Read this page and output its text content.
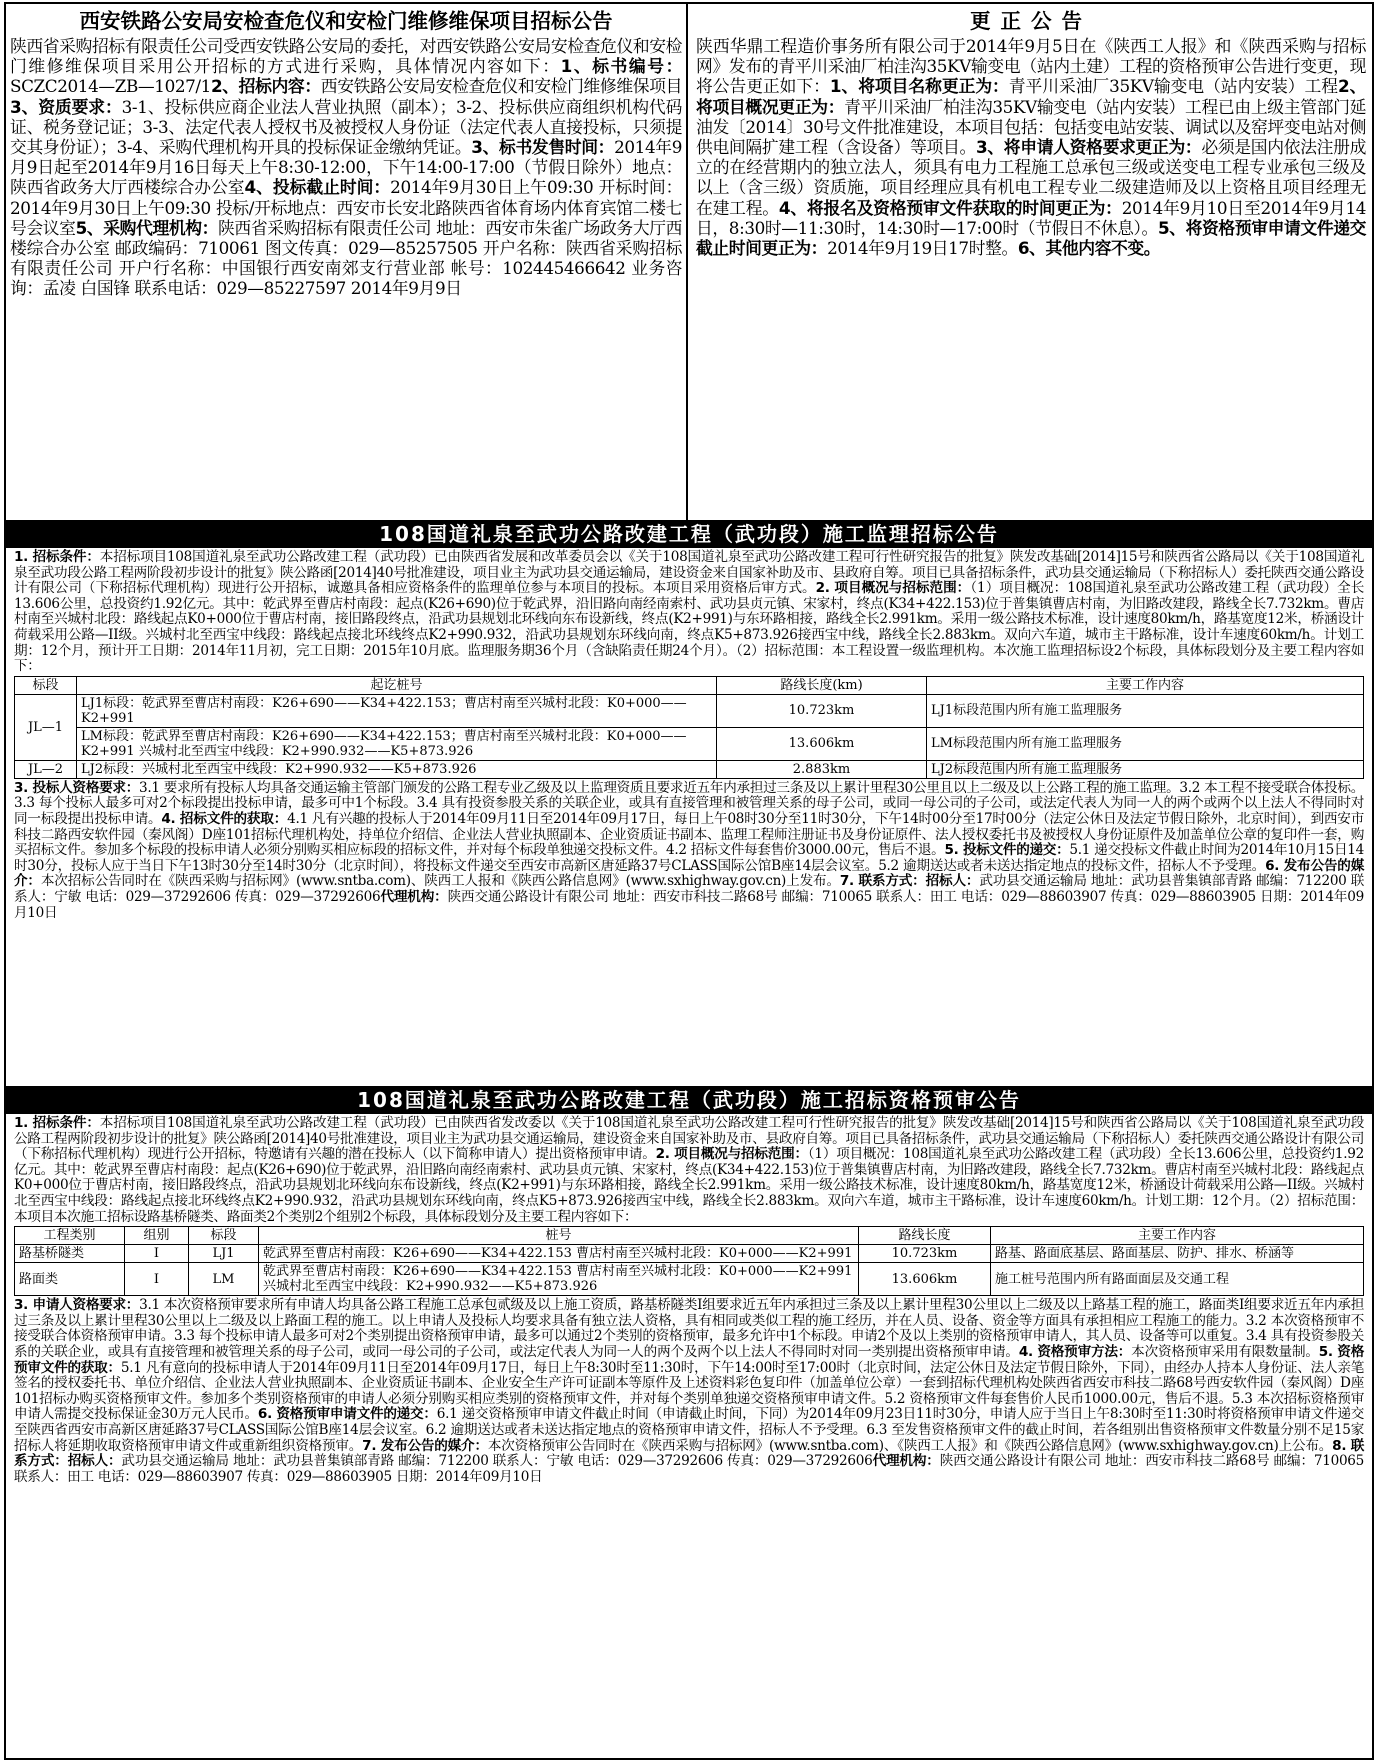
西安铁路公安局安检查危仪和安检门维修维保项目招标公告

陕西省采购招标有限责任公司受西安铁路公安局的委托，对西安铁路公安局安检查危仪和安检门维修维保项目采用公开招标的方式进行采购，具体情况内容如下：1、标书编号：SCZC2014—ZB—1027/12、招标内容：西安铁路公安局安检查危仪和安检门维修维保项目3、资质要求：3-1、投标供应商企业法人营业执照（副本）；3-2、投标供应商组织机构代码证、税务登记证；3-3、法定代表人授权书及被授权人身份证（法定代表人直接投标，只须提交其身份证）；3-4、采购代理机构开具的投标保证金缴纳凭证。3、标书发售时间：2014年9月9日起至2014年9月16日每天上午8:30-12:00，下午14:00-17:00（节假日除外）地点：陕西省政务大厅西楼综合办公室4、投标截止时间：2014年9月30日上午09:30 开标时间：2014年9月30日上午09:30 投标/开标地点：西安市长安北路陕西省体育场内体育宾馆二楼七号会议室5、采购代理机构：陕西省采购招标有限责任公司 地址：西安市朱雀广场政务大厅西楼综合办公室 邮政编码：710061 图文传真：029—85257505 开户名称：陕西省采购招标有限责任公司 开户行名称：中国银行西安南郊支行营业部 帐号：102445466642 业务咨询：孟凌 白国锋 联系电话：029—85227597 2014年9月9日

更正公告

陕西华鼎工程造价事务所有限公司于2014年9月5日在《陕西工人报》和《陕西采购与招标网》发布的青平川采油厂柏洼沟35KV输变电（站内土建）工程的资格预审公告进行变更，现将公告更正如下：1、将项目名称更正为：青平川采油厂35KV输变电（站内安装）工程2、将项目概况更正为：青平川采油厂柏洼沟35KV输变电（站内安装）工程已由上级主管部门延油发〔2014〕30号文件批准建设，本项目包括：包括变电站安装、调试以及窑坪变电站对侧供电间隔扩建工程（含设备）等项目。3、将申请人资格要求更正为：必须是国内依法注册成立的在经营期内的独立法人，须具有电力工程施工总承包三级或送变电工程专业承包三级及以上（含三级）资质施，项目经理应具有机电工程专业二级建造师及以上资格且项目经理无在建工程。4、将报名及资格预审文件获取的时间更正为：2014年9月10日至2014年9月14日，8:30时—11:30时，14:30时—17:00时（节假日不休息）。5、将资格预审申请文件递交截止时间更正为：2014年9月19日17时整。6、其他内容不变。

108国道礼泉至武功公路改建工程（武功段）施工监理招标公告

1. 招标条件：本招标项目108国道礼泉至武功公路改建工程（武功段）已由陕西省发展和改革委员会以《关于108国道礼泉至武功公路改建工程可行性研究报告的批复》陕发改基础[2014]15号和陕西省公路局以《关于108国道礼泉至武功段公路工程两阶段初步设计的批复》陕公路函[2014]40号批准建设，项目业主为武功县交通运输局，建设资金来自国家补助及市、县政府自筹。项目已具备招标条件，武功县交通运输局（下称招标人）委托陕西交通公路设计有限公司（下称招标代理机构）现进行公开招标，诚邀具备相应资格条件的监理单位参与本项目的投标。本项目采用资格后审方式。2. 项目概况与招标范围：（1）项目概况：108国道礼泉至武功公路改建工程（武功段）全长13.606公里，总投资约1.92亿元。其中：乾武界至曹店村南段：起点(K26+690)位于乾武界，沿旧路向南经南索村、武功县贞元镇、宋家村，终点(K34+422.153)位于普集镇曹店村南，为旧路改建段，路线全长7.732km。曹店村南至兴城村北段：路线起点K0+000位于曹店村南，接旧路段终点，沿武功县规划北环线向东布设新线，终点(K2+991)与东环路相接，路线全长2.991km。采用一级公路技术标准，设计速度80km/h，路基宽度12米，桥涵设计荷载采用公路—II级。兴城村北至西宝中线段：路线起点接北环线终点K2+990.932，沿武功县规划东环线向南，终点K5+873.926接西宝中线，路线全长2.883km。双向六车道，城市主干路标准，设计车速度60km/h。计划工期：12个月，预计开工日期：2014年11月初，完工日期：2015年10月底。监理服务期36个月（含缺陷责任期24个月）。（2）招标范围：本工程设置一级监理机构。本次施工监理招标设2个标段，具体标段划分及主要工程内容如下：

标段	起讫桩号	路线长度(km)	主要工作内容
JL—1	LJ1标段：乾武界至曹店村南段：K26+690——K34+422.153；曹店村南至兴城村北段：K0+000——K2+991	10.723km	LJ1标段范围内所有施工监理服务
	LM标段：乾武界至曹店村南段：K26+690——K34+422.153；曹店村南至兴城村北段：K0+000——K2+991 兴城村北至西宝中线段：K2+990.932——K5+873.926	13.606km	LM标段范围内所有施工监理服务
JL—2	LJ2标段：兴城村北至西宝中线段：K2+990.932——K5+873.926	2.883km	LJ2标段范围内所有施工监理服务

3. 投标人资格要求：3.1 要求所有投标人均具备交通运输主管部门颁发的公路工程专业乙级及以上监理资质且要求近五年内承担过三条及以上累计里程30公里且以上二级及以上公路工程的施工监理。3.2 本工程不接受联合体投标。3.3 每个投标人最多可对2个标段提出投标申请，最多可中1个标段。3.4 具有投资参股关系的关联企业，或具有直接管理和被管理关系的母子公司，或同一母公司的子公司，或法定代表人为同一人的两个或两个以上法人不得同时对同一标段提出投标申请。4. 招标文件的获取：4.1 凡有兴趣的投标人于2014年09月11日至2014年09月17日，每日上午08时30分至11时30分，下午14时00分至17时00分（法定公休日及法定节假日除外，北京时间），到西安市科技二路西安软件园（秦风阁）D座101招标代理机构处，持单位介绍信、企业法人营业执照副本、企业资质证书副本、监理工程师注册证书及身份证原件、法人授权委托书及被授权人身份证原件及加盖单位公章的复印件一套，购买招标文件。参加多个标段的投标申请人必须分别购买相应标段的招标文件，并对每个标段单独递交投标文件。4.2 招标文件每套售价3000.00元，售后不退。5. 投标文件的递交：5.1 递交投标文件截止时间为2014年10月15日14时30分，投标人应于当日下午13时30分至14时30分（北京时间），将投标文件递交至西安市高新区唐延路37号CLASS国际公馆B座14层会议室。5.2 逾期送达或者未送达指定地点的投标文件，招标人不予受理。6. 发布公告的媒介：本次招标公告同时在《陕西采购与招标网》(www.sntba.com)、陕西工人报和《陕西公路信息网》(www.sxhighway.gov.cn)上发布。7. 联系方式：招标人：武功县交通运输局 地址：武功县普集镇部青路 邮编：712200 联系人：宁敏 电话：029—37292606 传真：029—37292606代理机构：陕西交通公路设计有限公司 地址：西安市科技二路68号 邮编：710065 联系人：田工 电话：029—88603907 传真：029—88603905 日期：2014年09月10日

108国道礼泉至武功公路改建工程（武功段）施工招标资格预审公告

1. 招标条件：本招标项目108国道礼泉至武功公路改建工程（武功段）已由陕西省发改委以《关于108国道礼泉至武功公路改建工程可行性研究报告的批复》陕发改基础[2014]15号和陕西省公路局以《关于108国道礼泉至武功段公路工程两阶段初步设计的批复》陕公路函[2014]40号批准建设，项目业主为武功县交通运输局，建设资金来自国家补助及市、县政府自筹。项目已具备招标条件，武功县交通运输局（下称招标人）委托陕西交通公路设计有限公司（下称招标代理机构）现进行公开招标，特邀请有兴趣的潜在投标人（以下简称申请人）提出资格预审申请。2. 项目概况与招标范围：（1）项目概况：108国道礼泉至武功公路改建工程（武功段）全长13.606公里，总投资约1.92亿元。其中：乾武界至曹店村南段：起点(K26+690)位于乾武界，沿旧路向南经南索村、武功县贞元镇、宋家村，终点(K34+422.153)位于普集镇曹店村南，为旧路改建段，路线全长7.732km。曹店村南至兴城村北段：路线起点K0+000位于曹店村南，接旧路段终点，沿武功县规划北环线向东布设新线，终点(K2+991)与东环路相接，路线全长2.991km。采用一级公路技术标准，设计速度80km/h，路基宽度12米，桥涵设计荷载采用公路—II级。兴城村北至西宝中线段：路线起点接北环线终点K2+990.932，沿武功县规划东环线向南，终点K5+873.926接西宝中线，路线全长2.883km。双向六车道，城市主干路标准，设计车速度60km/h。计划工期：12个月。（2）招标范围：本项目本次施工招标设路基桥隧类、路面类2个类别2个组别2个标段，具体标段划分及主要工程内容如下：

工程类别	组别	标段	桩号	路线长度	主要工作内容
路基桥隧类	Ⅰ	LJ1	乾武界至曹店村南段：K26+690——K34+422.153 曹店村南至兴城村北段：K0+000——K2+991	10.723km	路基、路面底基层、路面基层、防护、排水、桥涵等
路面类	Ⅰ	LM	乾武界至曹店村南段：K26+690——K34+422.153 曹店村南至兴城村北段：K0+000——K2+991 兴城村北至西宝中线段：K2+990.932——K5+873.926	13.606km	施工桩号范围内所有路面面层及交通工程

3. 申请人资格要求：3.1 本次资格预审要求所有申请人均具备公路工程施工总承包贰级及以上施工资质，路基桥隧类Ⅰ组要求近五年内承担过三条及以上累计里程30公里以上二级及以上路基工程的施工，路面类Ⅰ组要求近五年内承担过三条及以上累计里程30公里以上二级及以上路面工程的施工。以上申请人及投标人均要求具备有独立法人资格，具有相同或类似工程的施工经历，并在人员、设备、资金等方面具有承担相应工程施工的能力。3.2 本次资格预审不接受联合体资格预审申请。3.3 每个投标申请人最多可对2个类别提出资格预审申请，最多可以通过2个类别的资格预审，最多允许中1个标段。申请2个及以上类别的资格预审申请人，其人员、设备等可以重复。3.4 具有投资参股关系的关联企业，或具有直接管理和被管理关系的母子公司，或同一母公司的子公司，或法定代表人为同一人的两个及两个以上法人不得同时对同一类别提出资格预审申请。4. 资格预审方法：本次资格预审采用有限数量制。5. 资格预审文件的获取：5.1 凡有意向的投标申请人于2014年09月11日至2014年09月17日，每日上午8:30时至11:30时，下午14:00时至17:00时（北京时间，法定公休日及法定节假日除外，下同），由经办人持本人身份证、法人亲笔签名的授权委托书、单位介绍信、企业法人营业执照副本、企业资质证书副本、企业安全生产许可证副本等原件及上述资料彩色复印件（加盖单位公章）一套到招标代理机构处陕西省西安市科技二路68号西安软件园（秦风阁）D座101招标办购买资格预审文件。参加多个类别资格预审的申请人必须分别购买相应类别的资格预审文件，并对每个类别单独递交资格预审申请文件。5.2 资格预审文件每套售价人民币1000.00元，售后不退。5.3 本次招标资格预审申请人需提交投标保证金30万元人民币。6. 资格预审申请文件的递交：6.1 递交资格预审申请文件截止时间（申请截止时间，下同）为2014年09月23日11时30分，申请人应于当日上午8:30时至11:30时将资格预审申请文件递交至陕西省西安市高新区唐延路37号CLASS国际公馆B座14层会议室。6.2 逾期送达或者未送达指定地点的资格预审申请文件，招标人不予受理。6.3 至发售资格预审文件的截止时间，若各组别出售资格预审文件数量分别不足15家招标人将延期收取资格预审申请文件或重新组织资格预审。7. 发布公告的媒介：本次资格预审公告同时在《陕西采购与招标网》(www.sntba.com)、《陕西工人报》和《陕西公路信息网》(www.sxhighway.gov.cn)上公布。8. 联系方式：招标人：武功县交通运输局 地址：武功县普集镇部青路 邮编：712200 联系人：宁敏 电话：029—37292606 传真：029—37292606代理机构：陕西交通公路设计有限公司 地址：西安市科技二路68号 邮编：710065 联系人：田工 电话：029—88603907 传真：029—88603905 日期：2014年09月10日
